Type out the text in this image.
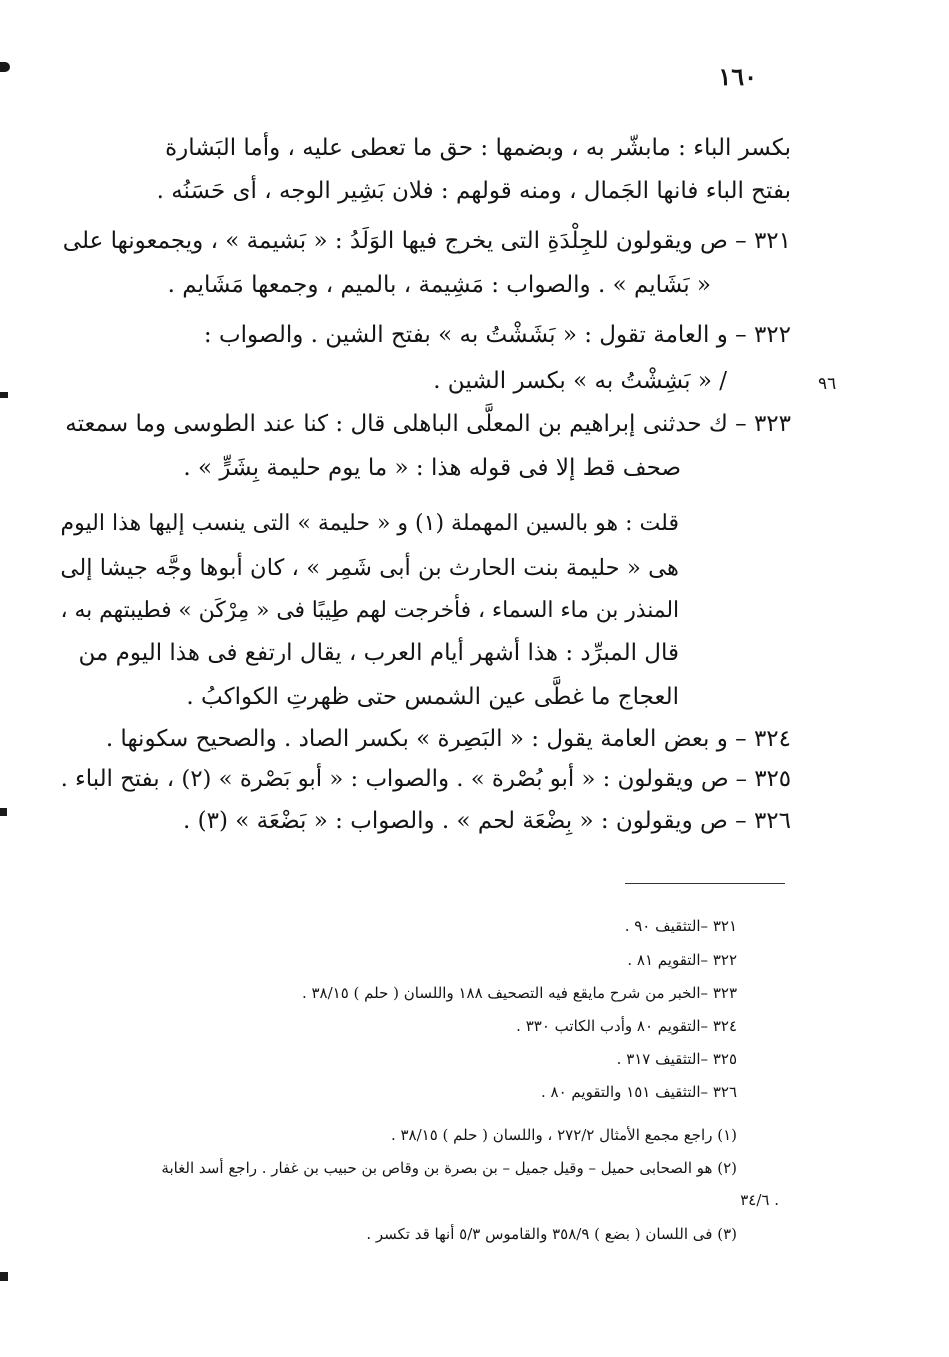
١٦٠
٩٦
بكسر الباء : مابشّر به ، وبضمها : حق ما تعطى عليه ، وأما البَشارة
بفتح الباء فانها الجَمال ، ومنه قولهم : فلان بَشِير الوجه ، أى حَسَنُه .
٣٢١ – ص ويقولون للجِلْدَةِ التى يخرج فيها الوَلَدُ : « بَشيمة » ، ويجمعونها على
« بَشَايم » . والصواب : مَشِيمة ، بالميم ، وجمعها مَشَايم .
٣٢٢ – و العامة تقول : « بَشَشْتُ به » بفتح الشين . والصواب :
/ « بَشِشْتُ به » بكسر الشين .
٣٢٣ – ك حدثنى إبراهيم بن المعلَّى الباهلى قال : كنا عند الطوسى وما سمعته
صحف قط إلا فى قوله هذا : « ما يوم حليمة بِشَرٍّ » .
قلت : هو بالسين المهملة (١) و « حليمة » التى ينسب إليها هذا اليوم
هى « حليمة بنت الحارث بن أبى شَمِر » ، كان أبوها وجَّه جيشا إلى
المنذر بن ماء السماء ، فأخرجت لهم طِيبًا فى « مِرْكَن » فطيبتهم به ،
قال المبرِّد : هذا أشهر أيام العرب ، يقال ارتفع فى هذا اليوم من
العجاج ما غطَّى عين الشمس حتى ظهرتِ الكواكبُ .
٣٢٤ – و بعض العامة يقول : « البَصِرة » بكسر الصاد . والصحيح سكونها .
٣٢٥ – ص ويقولون : « أبو بُصْرة » . والصواب : « أبو بَصْرة » (٢) ، بفتح الباء .
٣٢٦ – ص ويقولون : « بِضْعَة لحم » . والصواب : « بَضْعَة » (٣) .
٣٢١ –التثقيف ٩٠ .
٣٢٢ –التقويم ٨١ .
٣٢٣ –الخبر من شرح مايقع فيه التصحيف ١٨٨ واللسان ( حلم ) ٣٨/١٥ .
٣٢٤ –التقويم ٨٠ وأدب الكاتب ٣٣٠ .
٣٢٥ –التثقيف ٣١٧ .
٣٢٦ –التثقيف ١٥١ والتقويم ٨٠ .
(١) راجع مجمع الأمثال ٢٧٢/٢ ، واللسان ( حلم ) ٣٨/١٥ .
(٢) هو الصحابى حميل – وقيل جميل – بن بصرة بن وقاص بن حبيب بن غفار . راجع أسد الغابة
. ٣٤/٦
(٣) فى اللسان ( بضع ) ٣٥٨/٩ والقاموس ٥/٣ أنها قد تكسر .
